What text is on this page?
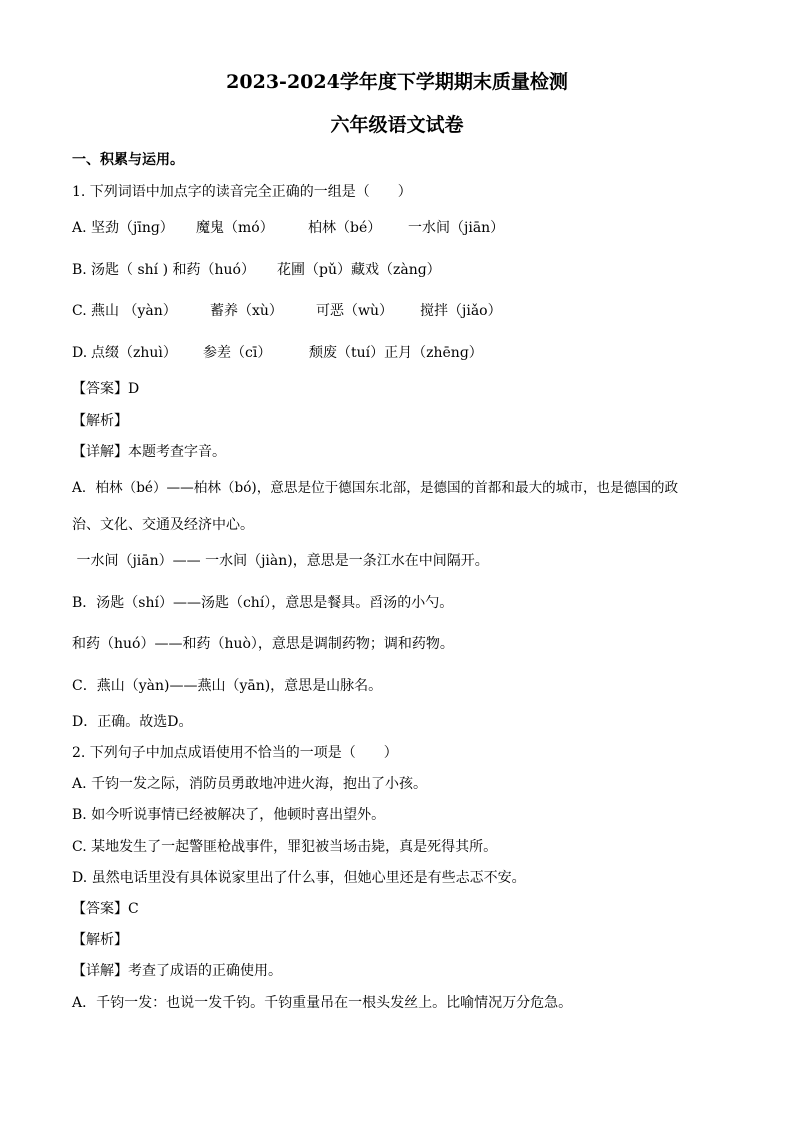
2023-2024学年度下学期期末质量检测
六年级语文试卷
一、积累与运用。
1. 下列词语中加点字的读音完全正确的一组是（　　）
A. 坚劲（jīnɡ） 魔鬼（mó） 柏林（bé） 一水间（jiān）
B. 汤匙（ shí ) 和药（huó） 花圃（pǔ）藏戏（zànɡ）
C. 燕山 （yàn） 蓄养（xù） 可恶（wù） 搅拌（jiǎo）
D. 点缀（zhuì） 参差（cī）	颓废（tuí）正月（zhēnɡ）
【答案】D
【解析】
【详解】本题考查字音。
A．柏林（bé）——柏林（bó)，意思是位于德国东北部，是德国的首都和最大的城市，也是德国的政
治、文化、交通及经济中心。
一水间（jiān）—— 一水间（jiàn)，意思是一条江水在中间隔开。
B．汤匙（shí）——汤匙（chí），意思是餐具。舀汤的小勺。
和药（huó）——和药（huò），意思是调制药物；调和药物。
C．燕山（yàn)——燕山（yān)，意思是山脉名。
D．正确。故选D。
2. 下列句子中加点成语使用不恰当的一项是（　　）
A. 千钧一发之际，消防员勇敢地冲进火海，抱出了小孩。
B. 如今听说事情已经被解决了，他顿时喜出望外。
C. 某地发生了一起警匪枪战事件，罪犯被当场击毙，真是死得其所。
D. 虽然电话里没有具体说家里出了什么事，但她心里还是有些忐忑不安。
【答案】C
【解析】
【详解】考查了成语的正确使用。
A．千钧一发：也说一发千钧。千钧重量吊在一根头发丝上。比喻情况万分危急。
